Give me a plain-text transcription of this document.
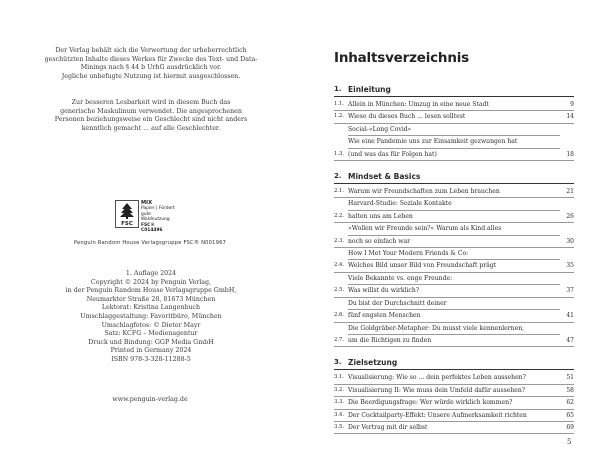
Der Verlag behält sich die Verwertung der urheberrechtlich

geschützten Inhalte dieses Werkes für Zwecke des Text- und Data-

Minings nach § 44 b UrhG ausdrücklich vor.

Jegliche unbefugte Nutzung ist hiermit ausgeschlossen.

Zur besseren Lesbarkeit wird in diesem Buch das

generische Maskulinum verwendet. Die angesprochenen

Personen beziehungsweise ein Geschlecht sind nicht anders

kenntlich gemacht ... auf alle Geschlechter.

FSC
MIX
Papier | Fördert
gute Waldnutzung
FSC® C014496
Penguin Random House Verlagsgruppe FSC® N001967
1. Auflage 2024
Copyright © 2024 by Penguin Verlag,
in der Penguin Random House Verlagsgruppe GmbH,
Neumarkter Straße 28, 81673 München
Lektorat: Kristina Langenbuch
Umschlaggestaltung: Favoritbüro, München
Umschlagfotos: © Dieter Mayr
Satz: KCFG – Medienagentur
Druck und Bindung: GGP Media GmbH
Printed in Germany 2024
ISBN 978-3-328-11288-5
www.penguin-verlag.de
Inhaltsverzeichnis
1. Einleitung
1.1. Allein in München: Umzug in eine neue Stadt	9
1.2. Wieso du dieses Buch ... lesen solltest	14
1.3.
Social-»Long Covid«
Wie eine Pandemie uns zur Einsamkeit gezwungen hat
(und was das für Folgen hat)	18
2. Mindset & Basics
2.1. Warum wir Freundschaften zum Leben brauchen	21
2.2.
Harvard-Studie: Soziale Kontakte
halten uns am Leben	26
2.3.
»Wollen wir Freunde sein?« Warum als Kind alles
noch so einfach war	30
2.4.
How I Met Your Modern Friends & Co:
Welches Bild unser Bild von Freundschaft prägt	35
2.5.
Viele Bekannte vs. enge Freunde:
Was willst du wirklich?	37
2.6.
Du bist der Durchschnitt deiner
fünf engsten Menschen	41
2.7.
Die Goldgräber-Metapher: Du musst viele kennenlernen,
um die Richtigen zu finden	47
3. Zielsetzung
3.1. Visualisierung: Wie so ... dein perfektes Leben aussehen?	51
3.2. Visualisierung II: Wie muss dein Umfeld dafür aussehen?	58
3.3. Die Beerdigungsfrage: Wer würde wirklich kommen?	62
3.4. Der Cocktailparty-Effekt: Unsere Aufmerksamkeit richten	65
3.5. Der Vertrag mit dir selbst	69
5
